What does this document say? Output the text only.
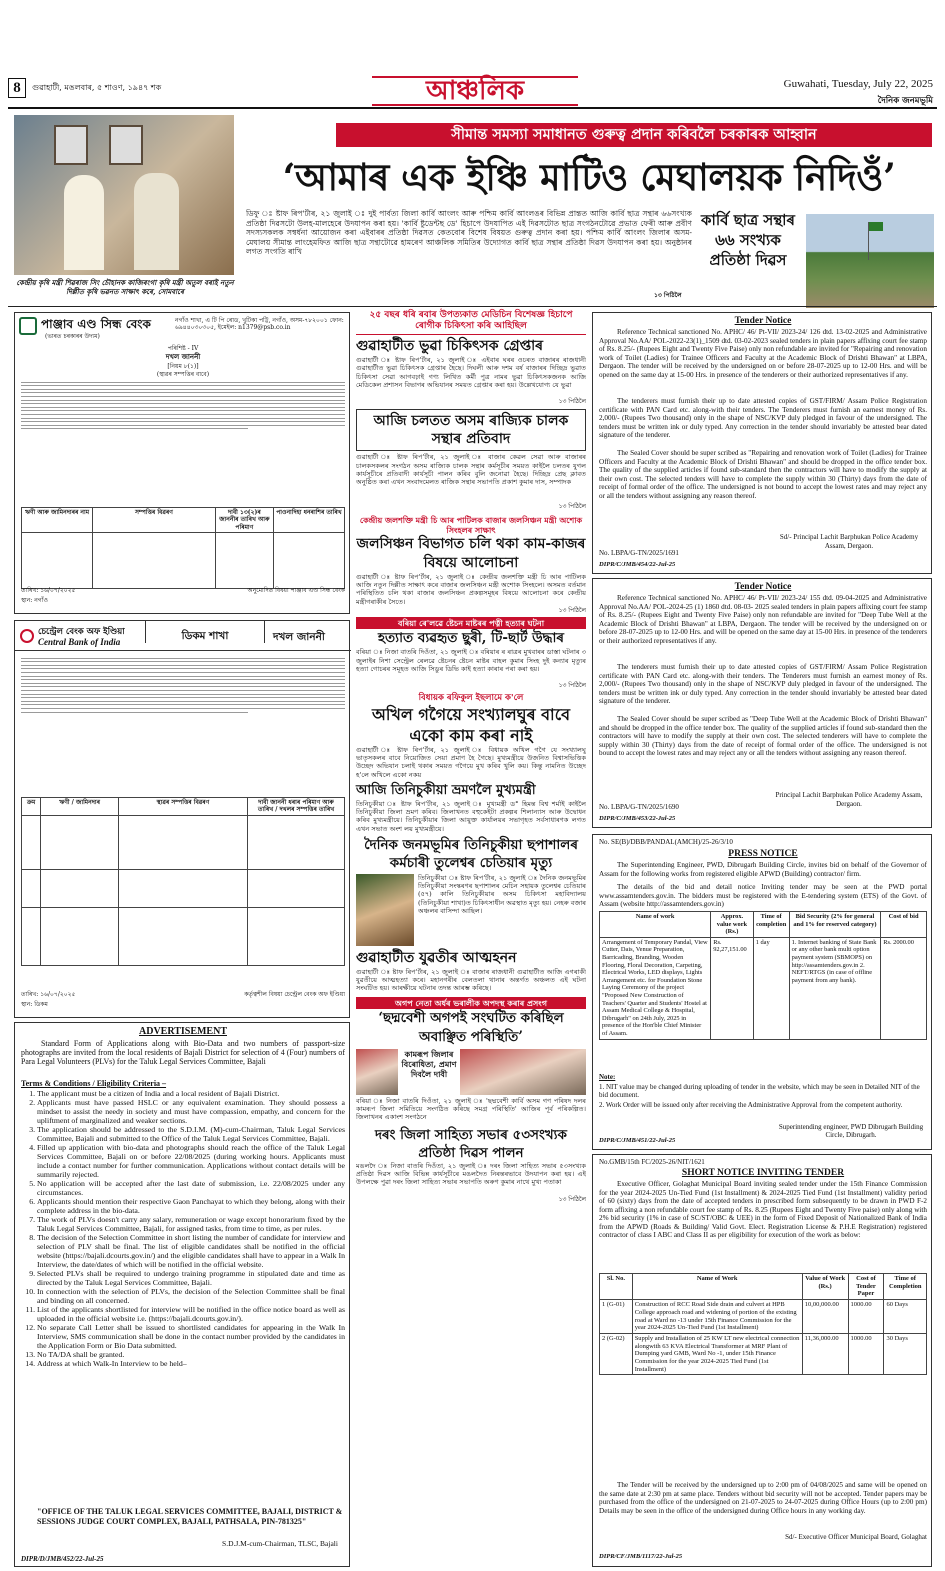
8	গুৱাহাটী, মঙলবাৰ, ৫ শাওণ, ১৯৪৭ শক	আঞ্চলিক	Guwahati, Tuesday, July 22, 2025
দৈনিক জনমভূমি
কেন্দ্ৰীয় কৃষি মন্ত্ৰী শিৱৰাজ সিং চৌহানক কাজিৰংগা কৃষি মন্ত্ৰী অতুল বৰাই নতুন দিল্লীত কৃষি ভৱনত সাক্ষাৎ কৰে, সোমবাৰে
সীমান্ত সমস্যা সমাধানত গুৰুত্ব প্ৰদান কৰিবলৈ চৰকাৰক আহ্বান
‘আমাৰ এক ইঞ্চি মাটিও মেঘালয়ক নিদিওঁ’
ডিফু ঃ ষ্টাফ ৰিপ'ৰ্টাৰ, ২১ জুলাই ঃ দুই পাৰ্বত্য জিলা কাৰ্বি আংলং আৰু পশ্চিম কাৰ্বি আংলঙৰ বিভিন্ন প্ৰান্তত আজি কাৰ্বি ছাত্ৰ সন্থাৰ ৬৬সংখ্যক প্ৰতিষ্ঠা দিৱসটো উলহ-মালহেৰে উদযাপন কৰা হয়। 'কাৰ্বি ষ্টুডেন্টছ ডে' হিচাপে উদযাপিত এই দিৱসটোত ছাত্ৰ সংগঠনটোৱে প্ৰভাত ফেৰী আৰু প্ৰবীণ সদস্যসকলক সম্বৰ্ধনা আয়োজন কৰা এইবাৰৰ প্ৰতিষ্ঠা দিৱসত কেতবোৰ বিশেষ বিষয়ত গুৰুত্ব প্ৰদান কৰা হয়। পশ্চিম কাৰ্বি আংলং জিলাৰ অসম-মেঘালয় সীমান্ত লাংহেমফিত আজি ছাত্ৰ সন্থাটোৱে হামৰেণ আঞ্চলিক সমিতিৰ উদ্যোগত কাৰ্বি ছাত্ৰ সন্থাৰ প্ৰতিষ্ঠা দিৱস উদযাপন কৰা হয়। অনুষ্ঠানৰ লগত সংগতি ৰাখি
১৩ পিঠিলৈ
কাৰ্বি ছাত্ৰ সন্থাৰ ৬৬ সংখ্যক প্ৰতিষ্ঠা দিৱস
পাঞ্জাব এণ্ড সিন্ধ বেংক
(ভাৰত চৰকাৰৰ উদ্যম)
নগাঁও শাখা, এ টি পি ৰোড, খুটিকা পট্টি, নগাঁও, অসম-৭৮২০০১ ফোন: ৬৯৪৪০৩০৩০৫, ইমেইল: n1379@psb.co.in
পৰিশিষ্ট - IV
দখল জাননী
[নিয়ম ৮(১)]
(স্থাৱৰ সম্পত্তিৰ বাবে)
ঋণী আৰু জামিনদাৰৰ নাম	সম্পত্তিৰ বিৱৰণ	দাবী ১৩(২)ৰ জাননীৰ তাৰিখ আৰু পৰিমাণ	পাওনাদিহা ধনৰাশিৰ তাৰিখ

তাৰিখ: ১৬/০৭/২০২৫
স্থান: নগাঁও
অনুমোদিত বিষয়া পাঞ্জাব এণ্ড সিন্ধ বেংক
চেন্ট্ৰেল বেংক অফ ইণ্ডিয়া
Central Bank of India	ডিকম শাখা	দখল জাননী
ক্ৰম	ঋণী / জামিনদাৰ	স্থাৱৰ সম্পত্তিৰ বিৱৰণ	দাবী জাননী ধৰাৰ পৰিমাণ আৰু তাৰিখ / দখলৰ সম্পত্তিৰ তাৰিখ

তাৰিখ: ১৬/০৭/২০২৫
স্থান: ডিকম
কৰ্তৃত্বশীল বিষয়া চেন্ট্ৰেল বেংক অফ ইণ্ডিয়া
ADVERTISEMENT
Standard Form of Applications along with Bio-Data and two numbers of passport-size photographs are invited from the local residents of Bajali District for selection of 4 (Four) numbers of Para Legal Volunteers (PLVs) for the Taluk Legal Services Committee, Bajali
Terms & Conditions / Eligibility Criteria –
1. The applicant must be a citizen of India and a local resident of Bajali District.
2. Applicants must have passed HSLC or any equivalent examination. They should possess a mindset to assist the needy in society and must have compassion, empathy, and concern for the upliftment of marginalized and weaker sections.
3. The application should be addressed to the S.D.I.M. (M)-cum-Chairman, Taluk Legal Services Committee, Bajali and submitted to the Office of the Taluk Legal Services Committee, Bajali.
4. Filled up application with bio-data and photographs should reach the office of the Taluk Legal Services Committee, Bajali on or before 22/08/2025 (during working hours. Applicants must include a contact number for further communication. Applications without contact details will be summarily rejected.
5. No application will be accepted after the last date of submission, i.e. 22/08/2025 under any circumstances.
6. Applicants should mention their respective Gaon Panchayat to which they belong, along with their complete address in the bio-data.
7. The work of PLVs doesn't carry any salary, remuneration or wage except honorarium fixed by the Taluk Legal Services Committee, Bajali, for assigned tasks, from time to time, as per rules.
8. The decision of the Selection Committee in short listing the number of candidate for interview and selection of PLV shall be final. The list of eligible candidates shall be notified in the official website (https://bajali.dcourts.gov.in/) and the eligible candidates shall have to appear in a Walk In Interview, the date/dates of which will be notified in the official website.
9. Selected PLVs shall be required to undergo training programme in stipulated date and time as directed by the Taluk Legal Services Committee, Bajali.
10. In connection with the selection of PLVs, the decision of the Selection Committee shall be final and binding on all concerned.
11. List of the applicants shortlisted for interview will be notified in the office notice board as well as uploaded in the official website i.e. (https://bajali.dcourts.gov.in/).
12. No separate Call Letter shall be issued to shortlisted candidates for appearing in the Walk In Interview, SMS communication shall be done in the contact number provided by the candidates in the Application Form or Bio Data submitted.
13. No TA/DA shall be granted.
14. Address at which Walk-In Interview to be held–
"OFFICE OF THE TALUK LEGAL SERVICES COMMITTEE, BAJALI, DISTRICT & SESSIONS JUDGE COURT COMPLEX, BAJALI, PATHSALA, PIN-781325"
S.D.J.M-cum-Chairman, TLSC, Bajali
DIPR/D/JMB/452/22-Jul-25
২৫ বছৰ ধৰি ৰবাৰ উপত্যকাত মেডিচিন বিশেষজ্ঞ হিচাপে ৰোগীক চিকিৎসা কৰি আহিছিল
গুৱাহাটীত ভুৱা চিকিৎসক গ্ৰেপ্তাৰ
গুৱাহাটী ঃ ষ্টাফ ৰিপ'ৰ্টাৰ, ২১ জুলাই ঃ এইবাৰ ঘৰৰ ওচৰত বাজাৰৰ ৰাজধানী গুৱাহাটীত ভুৱা চিকিৎসক গ্ৰেপ্তাৰ হৈছে। দিঘলী আৰু দশম বৰ্ষ বাজাৰৰ দিচ্ছিদ্ৰ ভুৱাত চিকিৎসা সেৱা আগবঢ়াই গণ্য লিখিত কৰ্মী পুত্ৰ নামৰ ভুৱা চিকিৎসকজনক আজি মেডিকেল প্ৰশাসন বিভাগৰ অভিযানৰ সময়ত গ্ৰেপ্তাৰ কৰা হয়। উল্লেখযোগ্য যে ভুৱা
১৩ পিঠিলৈ
আজি চলতত অসম ৰাজ্যিক চালক সন্থাৰ প্ৰতিবাদ
গুৱাহাটী ঃ ষ্টাফ ৰিপ'ৰ্টাৰ, ২১ জুলাই ঃ বাজাৰ কেৱল সেৱা আৰু বাজাৰৰ চালকসকলৰ সংগঠন অসম ৰাজ্যিক চালক সন্থাৰ কৰ্মসূচীৰ সময়ত কাইলৈ চলতৰ যুগল কাৰ্যসূচীৰে প্ৰতিবাদী কাৰ্যসূচী পালন কৰিব বুলি জনোৱা হৈছে। দিচ্ছিদ্ৰ প্ৰেছ ক্লাবত অনুষ্ঠিত কৰা এখন সংবাদমেলত ৰাজিক সন্থাৰ সভাপতি প্ৰকাশ কুমাৰ দাস, সম্পাদক
১৩ পিঠিলৈ
কেন্দ্ৰীয় জলশক্তি মন্ত্ৰী চি আৰ পাটিলক বাজাৰ জলসিঞ্চন মন্ত্ৰী অশোক সিংহলৰ সাক্ষাৎ
জলসিঞ্চন বিভাগত চলি থকা কাম-কাজৰ বিষয়ে আলোচনা
গুৱাহাটী ঃ ষ্টাফ ৰিপ'ৰ্টাৰ, ২১ জুলাই ঃ কেন্দ্ৰীয় জলশক্তি মন্ত্ৰী চি আৰ পাটিলক আজি নতুন দিল্লীত সাক্ষাৎ কৰে বাজাৰ জলসিঞ্চন মন্ত্ৰী অশোক সিংহলে। অসমত বৰ্তমান পৰিস্থিতিত চলি থকা বাজাৰ জলসিঞ্চন প্ৰকল্পসমূহৰ বিষয়ে আলোচনা কৰে কেন্দ্ৰীয় মন্ত্ৰীগৰাকীৰ সৈতে।
১৩ পিঠিলৈ
বৰিয়া ৰে'লৱে ষ্টেচন মাষ্টৰৰ পত্নী হত্যাৰ ঘটনা
হত্যাত ব্যৱহৃত ছুৰী, টি-ছাৰ্ট উদ্ধাৰ
বৰিয়া ঃ নিজা বাতৰি দিওঁতা, ২১ জুলাই ঃ বৰিয়াৰ ৰ ৰাত্ৰৰ মুখবাৰৰ ডাস্তা ঘটনাৰ ৩ জুলাইৰ নিশা সেন্ট্ৰেল ৰেলৱে ষ্টেচনৰ ষ্টেচন মাষ্টৰ বাহল কুমাৰ সিংহ দুই কন্যাৰ মৃত্যুৰ হত্যা গোচৰৰ সমূহত আজি সিডুৰ ডিভি কাই হত্যা কাৰাৰ পৰা কৰা হয়।
১৩ পিঠিলৈ
বিধায়ক ৰফিকুল ইছলামে ক'লে
অখিল গগৈয়ে সংখ্যালঘুৰ বাবে একো কাম কৰা নাই
গুৱাহাটী ঃ ষ্টাফ ৰিপ'ৰ্টাৰ, ২১ জুলাই ঃ বিধায়ক অখিল গগৈ যে সংখ্যালঘু ভাতৃসকলৰ বাবে নিয়োজিত সেয়া প্ৰমাণ হৈ গৈছে। মুখ্যমন্ত্ৰীয়ে উজনিত বিশ্বাসভিত্তিক উচ্ছেদ অভিযান চলাই থকাৰ সময়ত গগৈয়ে মুখ কৰিব খুলি কয়। কিন্তু নামনিত উচ্ছেদ হ'লে অখিলে একো নকয়
আজি তিনিচুকীয়া ভ্ৰমণলৈ মুখ্যমন্ত্ৰী
তিনিচুকীয়া ঃ ষ্টাফ ৰিপ'ৰ্টাৰ, ২১ জুলাই ঃ মুখ্যমন্ত্ৰী ড° হিমন্ত বিশ্ব শৰ্মাই কাইলৈ তিনিচুকীয়া জিলা ভ্ৰমণ কৰিব। জিলাখনত বহুকেইটা প্ৰকল্পৰ শিলান্যাস আৰু উদ্বোধন কৰিব মুখ্যমন্ত্ৰীয়ে। তিনিচুকীয়াৰ জিলা আয়ুক্ত কাৰ্যালয়ৰ সভাগৃহত সৰ্বসাধাৰণক লগত এখন সভাত অংশ লয় মুখ্যমন্ত্ৰীয়ে।
দৈনিক জনমভূমিৰ তিনিচুকীয়া ছপাশালৰ কৰ্মচাৰী তুলেশ্বৰ চেতিয়াৰ মৃত্যু
তিনিচুকীয়া ঃ ষ্টাফ ৰিপ'ৰ্টাৰ, ২১ জুলাই ঃ দৈনিক জনমভূমিৰ তিনিচুকীয়া সংস্কৰণৰ ছপাশালৰ মেচিন সহায়ক তুলেশ্বৰ চেতিয়াৰ (৫৭) কালি তিনিচুকীয়াৰ অসম চিকিৎসা মহাবিদ্যালয় (তিনিচুকীয়া শাখা)ত চিকিৎসাধীন অৱস্থাত মৃত্যু হয়। নেহৰু বজাৰ অঞ্চলৰ বাসিন্দা আছিল।
গুৱাহাটীত যুৱতীৰ আত্মহনন
গুৱাহাটী ঃ ষ্টাফ ৰিপ'ৰ্টাৰ, ২১ জুলাই ঃ বাজাৰ ৰাজধানী গুৱাহাটীত আজি এগৰাকী যুৱতীয়ে আত্মহত্যা কৰে। মহানগৰীৰ বেলতলা থানাৰ অন্তৰ্গত অঞ্চলত এই ঘটনা সংঘটিত হয়। আৰক্ষীয়ে ঘটনাৰ তদন্ত আৰম্ভ কৰিছে।
অগপ নেতা অৰ্ধৰ ভৰালীক অপদস্থ কৰাৰ প্ৰসংগ
‘ছদ্মবেশী অগপই সংঘটিত কৰিছিল অবাঞ্ছিত পৰিস্থিতি’
কামৰূপ জিলাৰ বিৰোধিতা, প্ৰমাণ দিবলৈ দাবী
বৰিয়া ঃ নিজা বাতৰি দিওঁতা, ২১ জুলাই ঃ 'ছদ্মবেশী কাৰ্বি অসম গণ পৰিষদ দলৰ কামৰূপ জিলা সমিতিয়ে সংগঠিত কৰিছে সমগ্ৰ পৰিস্থিতি' আজিৰ পূৰ্ব পৰিকল্পিত। জিলাখনৰ একাংশ সংগঠনে
দৰং জিলা সাহিত্য সভাৰ ৫৩সংখ্যক প্ৰতিষ্ঠা দিৱস পালন
মঙলদৈ ঃ নিজা বাতৰি দিওঁতা, ২১ জুলাই ঃ দৰং জিলা সাহিত্য সভাৰ ৫৩সংখ্যক প্ৰতিষ্ঠা দিৱস আজি বিভিন্ন কাৰ্যসূচীৰে মঙলদৈত নিৰন্তৰভাবে উদযাপন কৰা হয়। এই উপলক্ষে পুৱা দৰং জিলা সাহিত্য সভাৰ সভাপতি অৰুণ কুমাৰ নাথে মুখ্য পতাকা
১৩ পিঠিলৈ
Tender Notice
Reference Technical sanctioned No. APHC/ 46/ Pt-VII/ 2023-24/ 126 dtd. 13-02-2025 and Administrative Approval No.AA/ POL-2022-23(1)_1509 dtd. 03-02-2023 sealed tenders in plain papers affixing court fee stamp of Rs. 8.25/- (Rupees Eight and Twenty Five Paise) only non refundable are invited for "Repairing and renovation work of Toilet (Ladies) for Trainee Officers and Faculty at the Academic Block of Drishti Bhawan" at LBPA, Dergaon. The tender will be received by the undersigned on or before 28-07-2025 up to 12-00 Hrs. and will be opened on the same day at 15-00 Hrs. in presence of the tenderers or their authorized representatives if any.
The tenderers must furnish their up to date attested copies of GST/FIRM/ Assam Police Registration certificate with PAN Card etc. along-with their tenders. The Tenderers must furnish an earnest money of Rs. 2,000/- (Rupees Two thousand) only in the shape of NSC/KVP duly pledged in favour of the undersigned. The tenders must be written ink or duly typed. Any correction in the tender should invariably be attested bear dated signature of the tenderer.
The Sealed Cover should be super scribed as "Repairing and renovation work of Toilet (Ladies) for Trainee Officers and Faculty at the Academic Block of Drishti Bhawan" and should be dropped in the office tender box. The quality of the supplied articles if found sub-standard then the contractors will have to modify the supply at their own cost. The selected tenders will have to complete the supply within 30 (Thirty) days from the date of receipt of formal order of the office. The undersigned is not bound to accept the lowest rates and may reject any or all the tenders without assigning any reason thereof.
No. LBPA/G-TN/2025/1691
DIPR/C/JMB/454/22-Jul-25
Sd/- Principal Lachit Barphukan Police Academy Assam, Dergaon.
Tender Notice
Reference Technical sanctioned No. APHC/ 46/ Pt-VII/ 2023-24/ 155 dtd. 09-04-2025 and Administrative Approval No.AA/ POL-2024-25 (1) 1860 dtd. 08-03- 2025 sealed tenders in plain papers affixing court fee stamp of Rs. 8.25/- (Rupees Eight and Twenty Five Paise) only non refundable are invited for "Deep Tube Well at the Academic Block of Drishti Bhawan" at LBPA, Dergaon. The tender will be received by the undersigned on or before 28-07-2025 up to 12-00 Hrs. and will be opened on the same day at 15-00 Hrs. in presence of the tenderers or their authorized representatives if any.
The tenderers must furnish their up to date attested copies of GST/FIRM/ Assam Police Registration certificate with PAN Card etc. along-with their tenders. The Tenderers must furnish an earnest money of Rs. 2,000/- (Rupees Two thousand) only in the shape of NSC/KVP duly pledged in favour of the undersigned. The tenders must be written ink or duly typed. Any correction in the tender should invariably be attested bear dated signature of the tenderer.
The Sealed Cover should be super scribed as "Deep Tube Well at the Academic Block of Drishti Bhawan" and should be dropped in the office tender box. The quality of the supplied articles if found sub-standard then the contractors will have to modify the supply at their own cost. The selected tenderers will have to complete the supply within 30 (Thirty) days from the date of receipt of formal order of the office. The undersigned is not bound to accept the lowest rates and may reject any or all the tenders without assigning any reason thereof.
No. LBPA/G-TN/2025/1690
DIPR/C/JMB/453/22-Jul-25
Principal Lachit Barphukan Police Academy Assam, Dergaon.
No. SE(B)/DBB/PANDAL(AMCH)/25-26/3/10
PRESS NOTICE
The Superintending Engineer, PWD, Dibrugarh Building Circle, invites bid on behalf of the Governor of Assam for the following works from registered eligible APWD (Building) contractor/ firm.
The details of the bid and detail notice Inviting tender may be seen at the PWD portal www.assamtenders.gov.in. The bidders must be registered with the E-tendering system (ETS) of the Govt. of Assam (website http://assamtenders.gov.in)
Name of work	Approx. value work (Rs.)	Time of completion	Bid Security (2% for general and 1% for reserved category)	Cost of bid
Arrangement of Temporary Pandal, View Cutter, Dais, Venue Preparation, Barricading, Branding, Wooden Flooring, Floral Decoration, Carpeting, Electrical Works, LED displays, Lights Arrangement etc. for Foundation Stone Laying Ceremony of the project "Proposed New Construction of Teachers' Quarter and Students' Hostel at Assam Medical College & Hospital, Dibrugarh" on 24th July, 2025 in presence of the Hon'ble Chief Minister of Assam.	Rs. 92,27,151.00	1 day	1. Internet banking of State Bank or any other bank multi option payment system (SBMOPS) on http://assamtenders.gov.in 2. NEFT/RTGS (in case of offline payment from any bank).	Rs. 2000.00
Note:
1. NIT value may be changed during uploading of tender in the website, which may be seen in Detailed NIT of the bid document.
2. Work Order will be issued only after receiving the Administrative Approval from the competent authority.
DIPR/C/JMB/451/22-Jul-25
Superintending engineer, PWD Dibrugarh Building Circle, Dibrugarh.
No.GMB/15th FC/2025-26/NIT/1621
SHORT NOTICE INVITING TENDER
Executive Officer, Golaghat Municipal Board inviting sealed tender under the 15th Finance Commission for the year 2024-2025 Un-Tied Fund (1st Installment) & 2024-2025 Tied Fund (1st Installment) validity period of 60 (sixty) days from the date of accepted tenders in prescribed form subsequently to be drawn in PWD F-2 form affixing a non refundable court fee stamp of Rs. 8.25 (Rupees Eight and Twenty Five paise) only along with 2% bid security (1% in case of SC/ST/OBC & UEE) in the form of Fixed Deposit of Nationalized Bank of India from the APWD (Roads & Building/ Valid Govt. Elect. Registration License & P.H.E Registration) registered contractor of class I ABC and Class II as per eligibility for execution of the work as below:
Sl. No.	Name of Work	Value of Work (Rs.)	Cost of Tender Paper	Time of Completion
1 (G-01)	Construction of RCC Road Side drain and culvert at HPB College approach road and widening of portion of the existing road at Ward no -13 under 15th Finance Commission for the year 2024-2025 Un-Tied Fund (1st Installment)	10,00,000.00	1000.00	60 Days
2 (G-02)	Supply and Installation of 25 KW LT new electrical connection alongwith 63 KVA Electrical Transformer at MRF Plant of Dumping yard GMB, Ward No -1, under 15th Finance Commission for the year 2024-2025 Tied Fund (1st Installment)	11,36,000.00	1000.00	30 Days
The Tender will be received by the undersigned up to 2:00 pm of 04/08/2025 and same will be opened on the same date at 2:30 pm at same place. Tenders without bid security will not be accepted. Tender papers may be purchased from the office of the undersigned on 21-07-2025 to 24-07-2025 during Office Hours (up to 2:00 pm) Details may be seen in the office of the undersigned during Office hours in any working day.
DIPR/CF/JMB/1117/22-Jul-25
Sd/- Executive Officer Municipal Board, Golaghat
